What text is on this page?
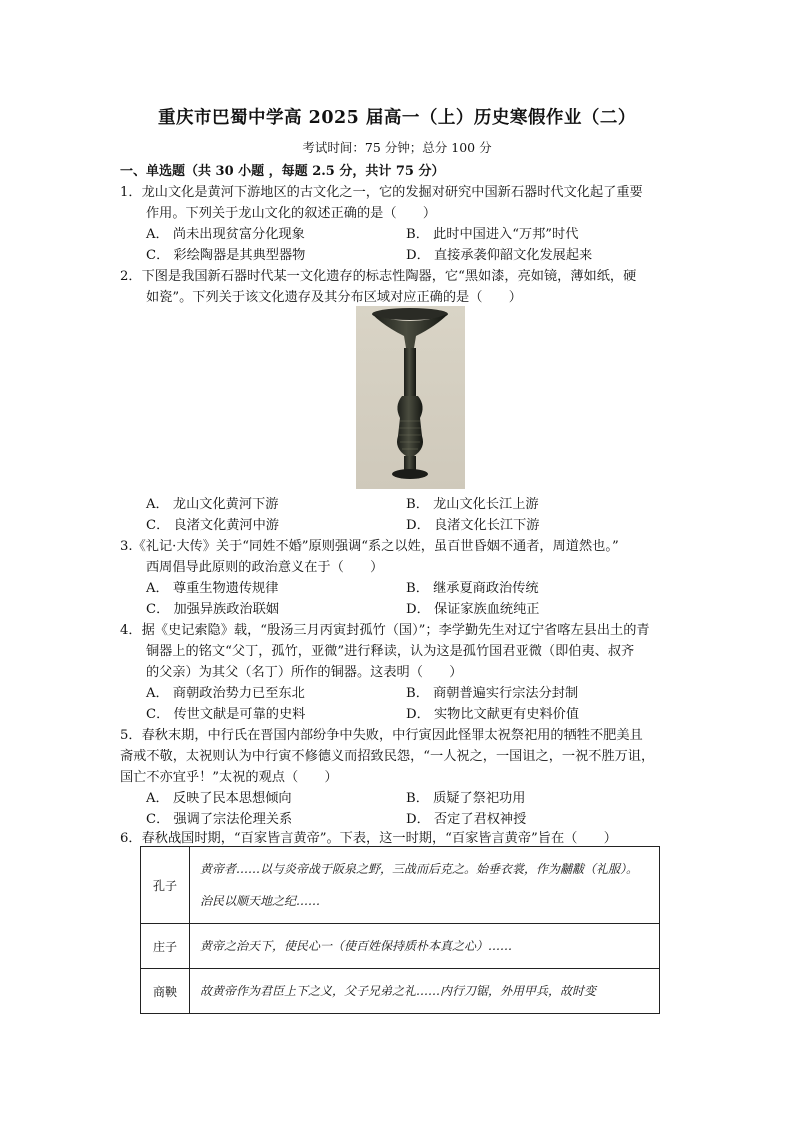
重庆市巴蜀中学高 2025 届高一（上）历史寒假作业（二）
考试时间：75 分钟；总分 100 分
一、单选题（共 30 小题 ，每题 2.5 分，共计 75 分）
1．龙山文化是黄河下游地区的古文化之一，它的发掘对研究中国新石器时代文化起了重要
作用。下列关于龙山文化的叙述正确的是（　　）
A． 尚未出现贫富分化现象	B． 此时中国进入“万邦”时代
C． 彩绘陶器是其典型器物	D． 直接承袭仰韶文化发展起来
2．下图是我国新石器时代某一文化遗存的标志性陶器，它“黑如漆，亮如镜，薄如纸，硬
如瓷”。下列关于该文化遗存及其分布区域对应正确的是（　　）
A． 龙山文化黄河下游	B． 龙山文化长江上游
C． 良渚文化黄河中游	D． 良渚文化长江下游
3.《礼记·大传》关于“同姓不婚”原则强调“系之以姓，虽百世昏姻不通者，周道然也。”
西周倡导此原则的政治意义在于（　　）
A． 尊重生物遗传规律	B． 继承夏商政治传统
C． 加强异族政治联姻	D． 保证家族血统纯正
4．据《史记索隐》载，“殷汤三月丙寅封孤竹（国）”；李学勤先生对辽宁省喀左县出土的青
铜器上的铭文“父丁，孤竹，亚微”进行释读，认为这是孤竹国君亚微（即伯夷、叔齐
的父亲）为其父（名丁）所作的铜器。这表明（　　）
A． 商朝政治势力已至东北	B． 商朝普遍实行宗法分封制
C． 传世文献是可靠的史料	D． 实物比文献更有史料价值
5．春秋末期，中行氏在晋国内部纷争中失败，中行寅因此怪罪太祝祭祀用的牺牲不肥美且
斋戒不敬，太祝则认为中行寅不修德义而招致民怨，“一人祝之，一国诅之，一祝不胜万诅，
国亡不亦宜乎！”太祝的观点（　　）
A． 反映了民本思想倾向	B． 质疑了祭祀功用
C． 强调了宗法伦理关系	D． 否定了君权神授
6．春秋战国时期，“百家皆言黄帝”。下表，这一时期，“百家皆言黄帝”旨在（　　）
孔子	黄帝者……以与炎帝战于阪泉之野，三战而后克之。始垂衣裳，作为黼黻（礼服）。治民以顺天地之纪……
庄子	黄帝之治天下，使民心一（使百姓保持质朴本真之心）……
商鞅	故黄帝作为君臣上下之义，父子兄弟之礼……内行刀锯，外用甲兵，故时变
